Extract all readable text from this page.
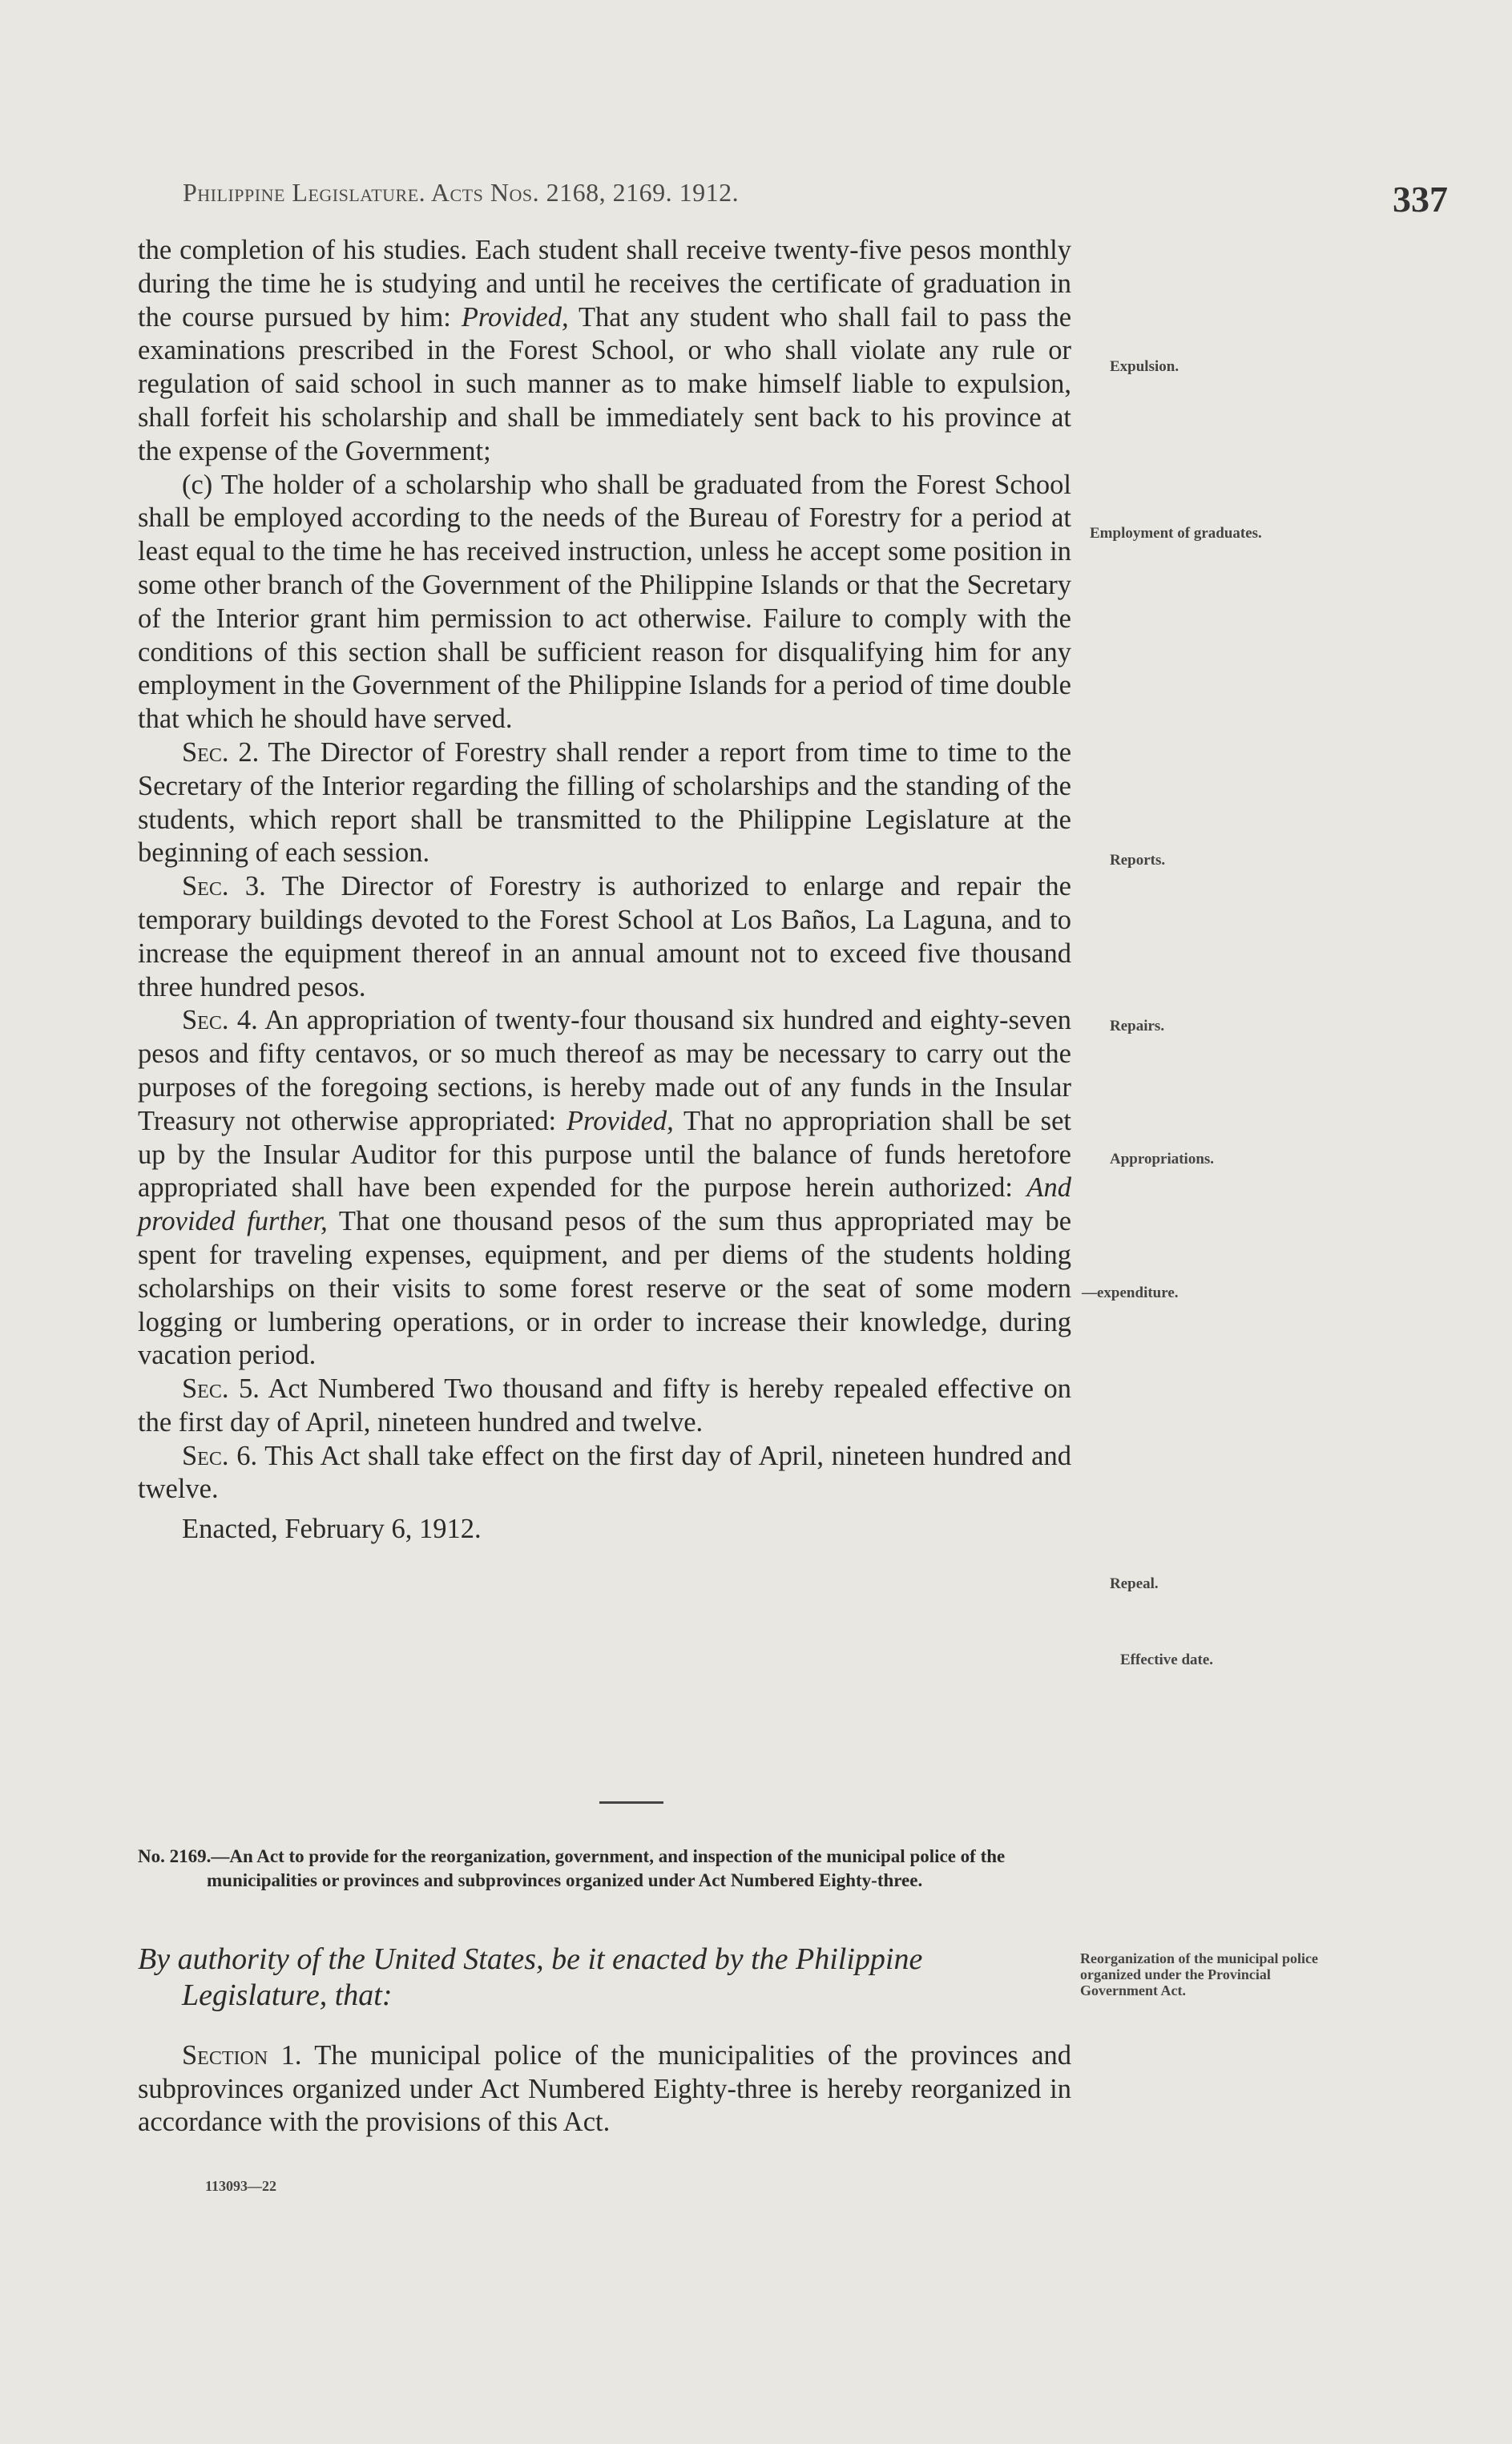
Philippine Legislature. Acts Nos. 2168, 2169. 1912.	337

the completion of his studies. Each student shall receive twenty-five pesos monthly during the time he is studying and until he receives the certificate of graduation in the course pursued by him: Provided, That any student who shall fail to pass the examinations prescribed in the Forest School, or who shall violate any rule or regulation of said school in such manner as to make himself liable to expulsion, shall forfeit his scholarship and shall be immediately sent back to his province at the expense of the Government;

(c) The holder of a scholarship who shall be graduated from the Forest School shall be employed according to the needs of the Bureau of Forestry for a period at least equal to the time he has received instruction, unless he accept some position in some other branch of the Government of the Philippine Islands or that the Secretary of the Interior grant him permission to act otherwise. Failure to comply with the conditions of this section shall be sufficient reason for disqualifying him for any employment in the Government of the Philippine Islands for a period of time double that which he should have served.

Sec. 2. The Director of Forestry shall render a report from time to time to the Secretary of the Interior regarding the filling of scholarships and the standing of the students, which report shall be transmitted to the Philippine Legislature at the beginning of each session.

Sec. 3. The Director of Forestry is authorized to enlarge and repair the temporary buildings devoted to the Forest School at Los Baños, La Laguna, and to increase the equipment thereof in an annual amount not to exceed five thousand three hundred pesos.

Sec. 4. An appropriation of twenty-four thousand six hundred and eighty-seven pesos and fifty centavos, or so much thereof as may be necessary to carry out the purposes of the foregoing sections, is hereby made out of any funds in the Insular Treasury not otherwise appropriated: Provided, That no appropriation shall be set up by the Insular Auditor for this purpose until the balance of funds heretofore appropriated shall have been expended for the purpose herein authorized: And provided further, That one thousand pesos of the sum thus appropriated may be spent for traveling expenses, equipment, and per diems of the students holding scholarships on their visits to some forest reserve or the seat of some modern logging or lumbering operations, or in order to increase their knowledge, during vacation period.

Sec. 5. Act Numbered Two thousand and fifty is hereby repealed effective on the first day of April, nineteen hundred and twelve.

Sec. 6. This Act shall take effect on the first day of April, nineteen hundred and twelve.

Enacted, February 6, 1912.

Expulsion.
Employment of graduates.
Reports.
Repairs.
Appropriations.
—expenditure.
Repeal.
Effective date.
Reorganization of the municipal police organized under the Provincial Government Act.
No. 2169.—An Act to provide for the reorganization, government, and inspection of the municipal police of the municipalities or provinces and subprovinces organized under Act Numbered Eighty-three.
By authority of the United States, be it enacted by the Philippine Legislature, that:

Section 1. The municipal police of the municipalities of the provinces and subprovinces organized under Act Numbered Eighty-three is hereby reorganized in accordance with the provisions of this Act.

113093—22
